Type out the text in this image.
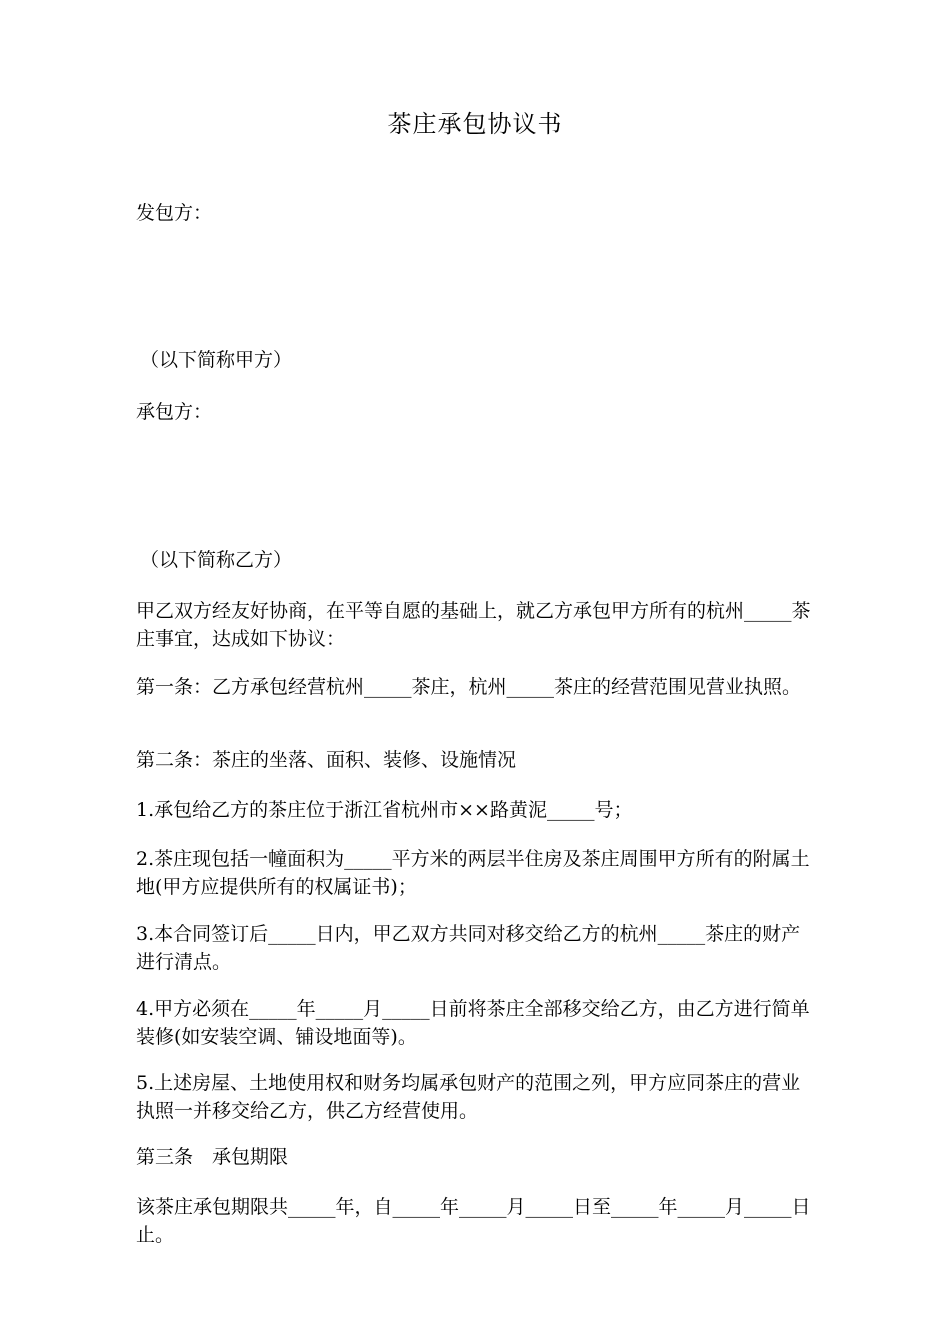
茶庄承包协议书
发包方：
（以下简称甲方）
承包方：
（以下简称乙方）
甲乙双方经友好协商，在平等自愿的基础上，就乙方承包甲方所有的杭州_____茶庄事宜，达成如下协议：
第一条：乙方承包经营杭州_____茶庄，杭州_____茶庄的经营范围见营业执照。
第二条：茶庄的坐落、面积、装修、设施情况
1.承包给乙方的茶庄位于浙江省杭州市××路黄泥_____号；
2.茶庄现包括一幢面积为_____平方米的两层半住房及茶庄周围甲方所有的附属土地(甲方应提供所有的权属证书)；
3.本合同签订后_____日内，甲乙双方共同对移交给乙方的杭州_____茶庄的财产进行清点。
4.甲方必须在_____年_____月_____日前将茶庄全部移交给乙方，由乙方进行简单装修(如安装空调、铺设地面等)。
5.上述房屋、土地使用权和财务均属承包财产的范围之列，甲方应同茶庄的营业执照一并移交给乙方，供乙方经营使用。
第三条　承包期限
该茶庄承包期限共_____年，自_____年_____月_____日至_____年_____月_____日止。
